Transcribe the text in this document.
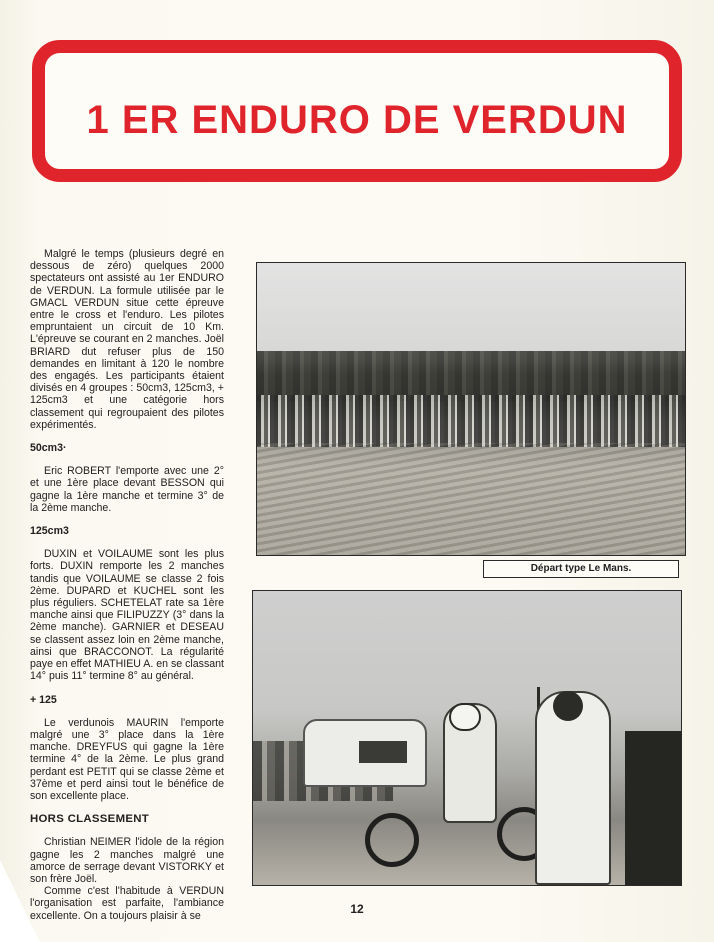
1 ER ENDURO DE VERDUN

Malgré le temps (plusieurs degré en dessous de zéro) quelques 2000 spectateurs ont assisté au 1er ENDURO de VERDUN. La formule utilisée par le GMACL VERDUN situe cette épreuve entre le cross et l'enduro. Les pilotes empruntaient un circuit de 10 Km. L'épreuve se courant en 2 manches. Joël BRIARD dut refuser plus de 150 demandes en limitant à 120 le nombre des engagés. Les participants étaient divisés en 4 groupes : 50cm3, 125cm3, + 125cm3 et une catégorie hors classement qui regroupaient des pilotes expérimentés.

50cm3·

Eric ROBERT l'emporte avec une 2° et une 1ère place devant BESSON qui gagne la 1ère manche et termine 3° de la 2ème manche.

125cm3

DUXIN et VOILAUME sont les plus forts. DUXIN remporte les 2 manches tandis que VOILAUME se classe 2 fois 2ème. DUPARD et KUCHEL sont les plus réguliers. SCHETELAT rate sa 1ère manche ainsi que FILIPUZZY (3° dans la 2ème manche). GARNIER et DESEAU se classent assez loin en 2ème manche, ainsi que BRACCONOT. La régularité paye en effet MATHIEU A. en se classant 14° puis 11° termine 8° au général.

+ 125

Le verdunois MAURIN l'emporte malgré une 3° place dans la 1ère manche. DREYFUS qui gagne la 1ère termine 4° de la 2ème. Le plus grand perdant est PETIT qui se classe 2ème et 37ème et perd ainsi tout le bénéfice de son excellente place.

HORS CLASSEMENT

Christian NEIMER l'idole de la région gagne les 2 manches malgré une amorce de serrage devant VISTORKY et son frère Joël.

Comme c'est l'habitude à VERDUN l'organisation est parfaite, l'ambiance excellente. On a toujours plaisir à se

Départ type Le Mans.
12
